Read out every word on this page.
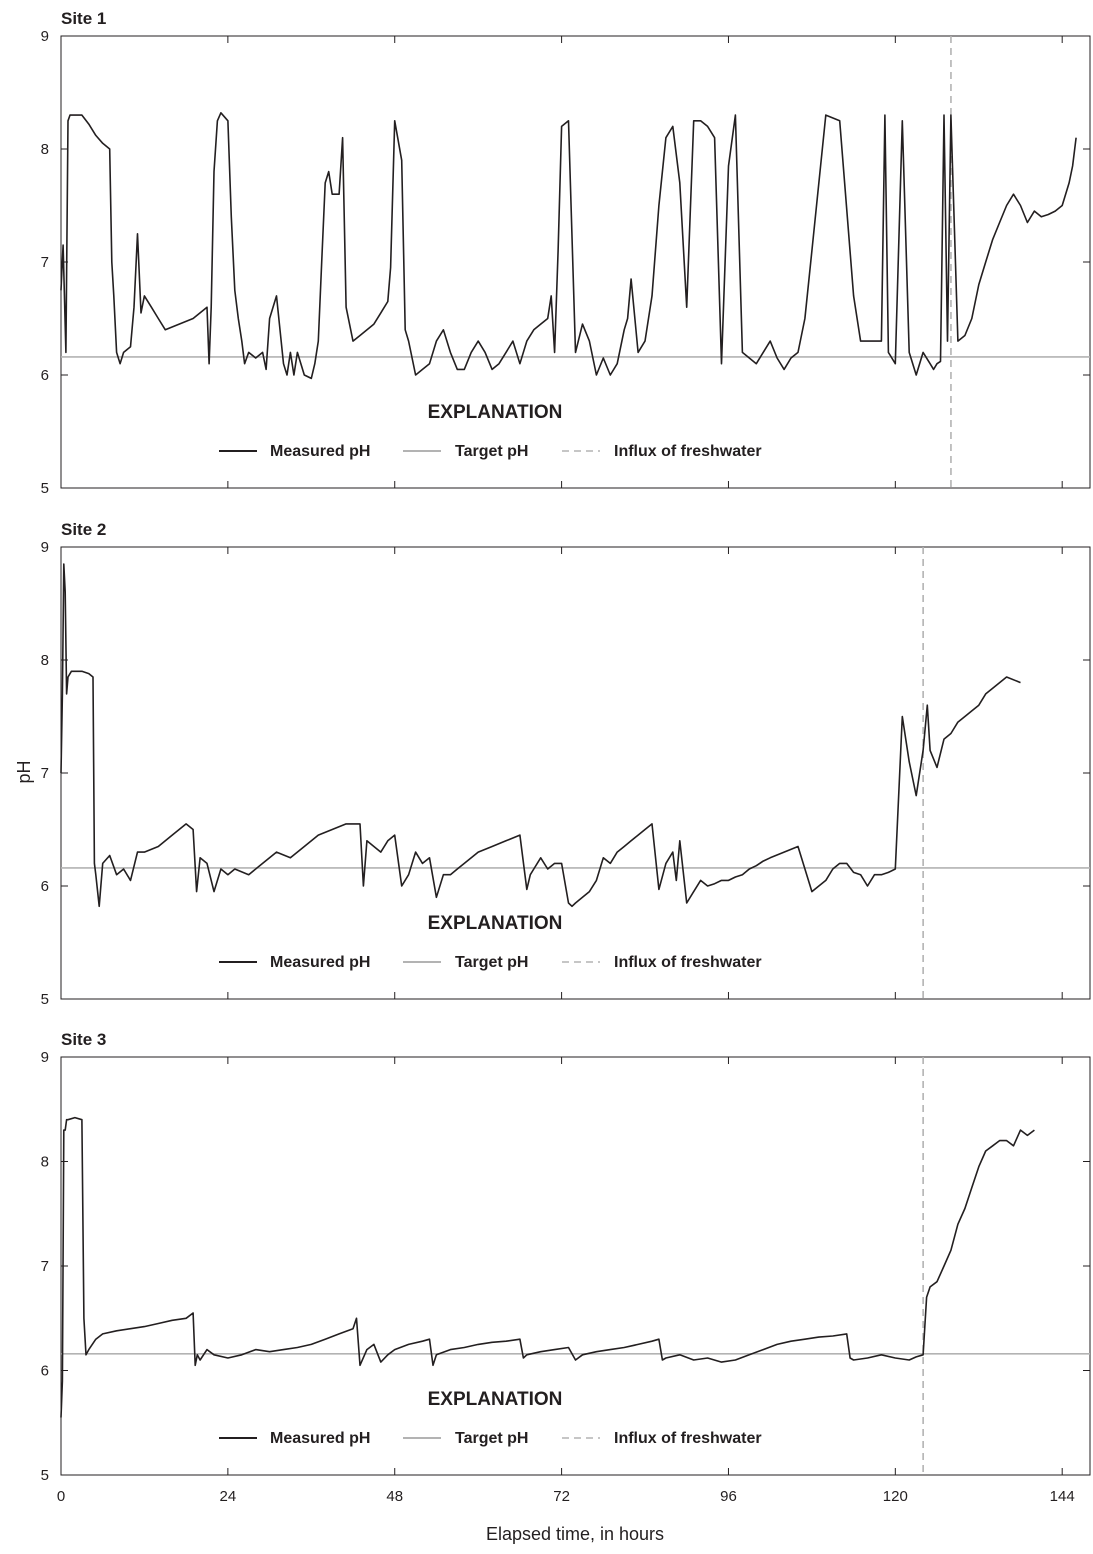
Site 1
5
6
7
8
9
EXPLANATION
Measured pH	Target pH	Influx of freshwater
Site 2
5
6
7
8
9
EXPLANATION
Measured pH	Target pH	Influx of freshwater
Site 3
5
6
7
8
9
0	24	48	72	96	120	144
EXPLANATION
Measured pH	Target pH	Influx of freshwater
pH
Elapsed time, in hours
